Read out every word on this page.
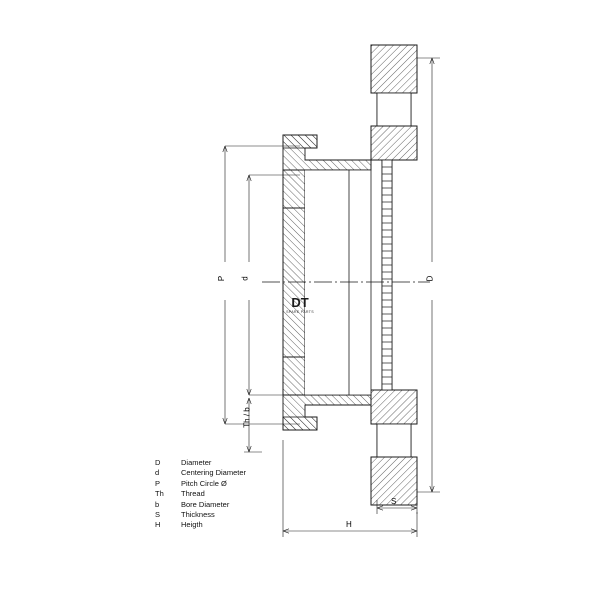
P d	D
Th / b
S
H
DT
SPARE PARTS
D	Diameter
d	Centering Diameter
P	Pitch Circle Ø
Th	Thread
b	Bore Diameter
S	Thickness
H	Heigth
